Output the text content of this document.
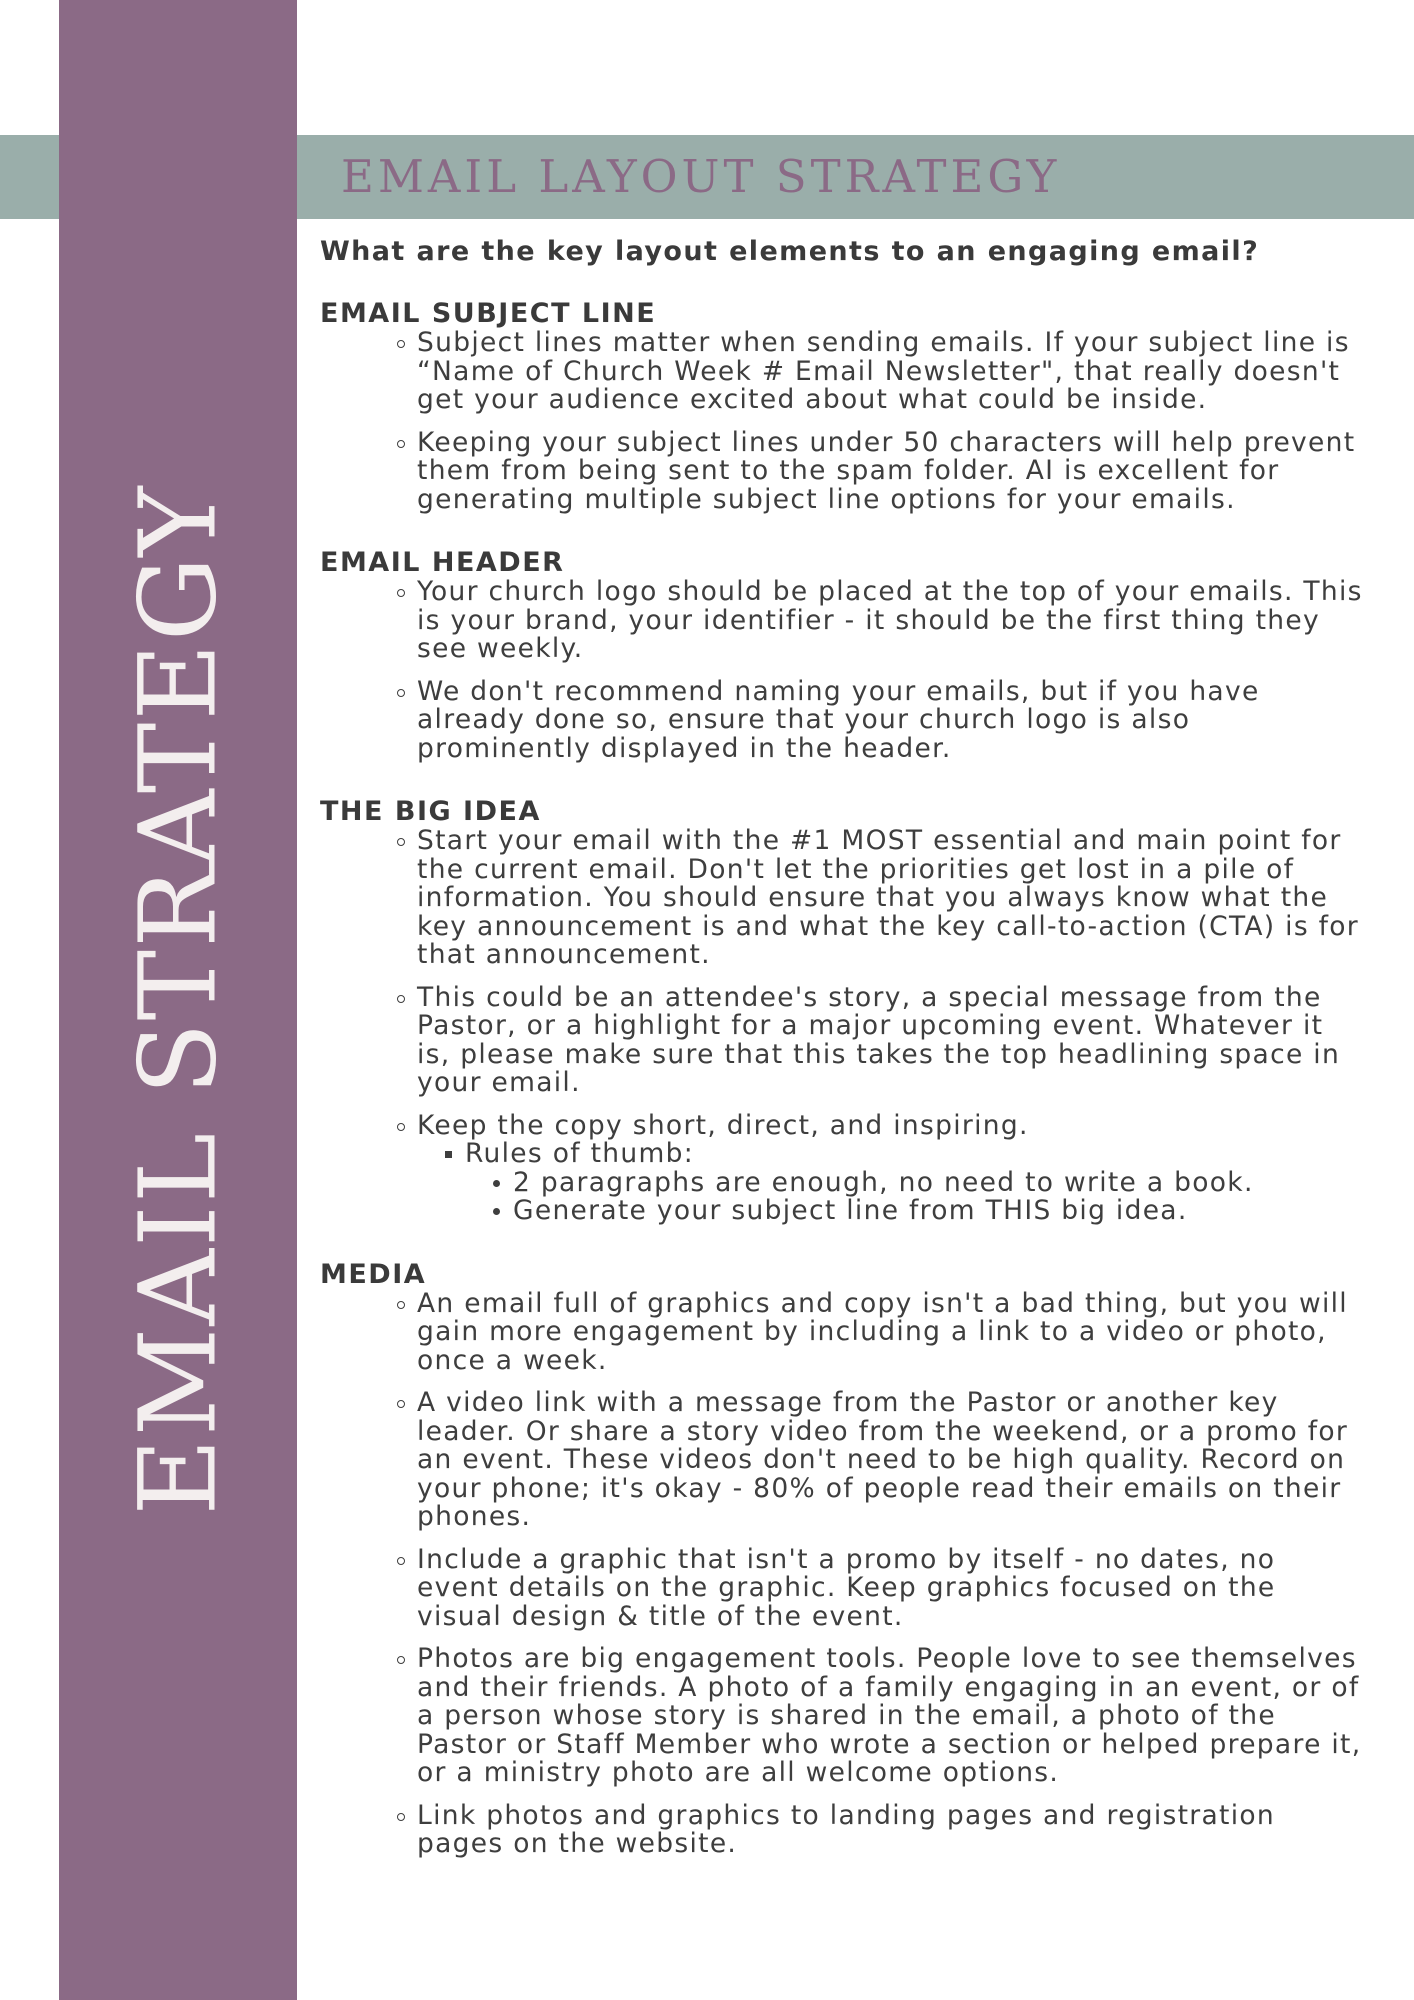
EMAIL STRATEGY
EMAIL LAYOUT STRATEGY
What are the key layout elements to an engaging email?
EMAIL SUBJECT LINE
Subject lines matter when sending emails. If your subject line is “Name of Church Week # Email Newsletter", that really doesn't get your audience excited about what could be inside.
Keeping your subject lines under 50 characters will help prevent them from being sent to the spam folder. AI is excellent for generating multiple subject line options for your emails.
EMAIL HEADER
Your church logo should be placed at the top of your emails. This is your brand, your identifier - it should be the first thing they see weekly.
We don't recommend naming your emails, but if you have already done so, ensure that your church logo is also prominently displayed in the header.
THE BIG IDEA
Start your email with the #1 MOST essential and main point for the current email. Don't let the priorities get lost in a pile of information. You should ensure that you always know what the key announcement is and what the key call-to-action (CTA) is for that announcement.
This could be an attendee's story, a special message from the Pastor, or a highlight for a major upcoming event. Whatever it is, please make sure that this takes the top headlining space in your email.
Keep the copy short, direct, and inspiring.
Rules of thumb:
2 paragraphs are enough, no need to write a book.
Generate your subject line from THIS big idea.
MEDIA
An email full of graphics and copy isn't a bad thing, but you will gain more engagement by including a link to a video or photo, once a week.
A video link with a message from the Pastor or another key leader. Or share a story video from the weekend, or a promo for an event. These videos don't need to be high quality. Record on your phone; it's okay - 80% of people read their emails on their phones.
Include a graphic that isn't a promo by itself - no dates, no event details on the graphic. Keep graphics focused on the visual design & title of the event.
Photos are big engagement tools. People love to see themselves and their friends. A photo of a family engaging in an event, or of a person whose story is shared in the email, a photo of the Pastor or Staff Member who wrote a section or helped prepare it, or a ministry photo are all welcome options.
Link photos and graphics to landing pages and registration pages on the website.
